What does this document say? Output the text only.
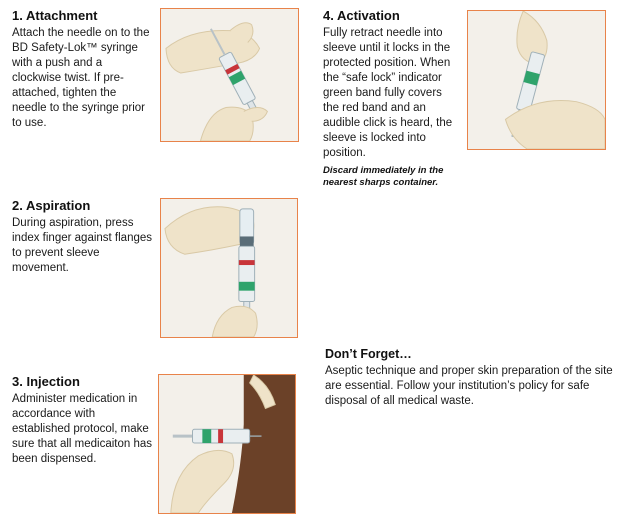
1. Attachment

Attach the needle on to the BD Safety-Lok™ syringe with a push and a clockwise twist. If pre-attached, tighten the needle to the syringe prior to use.

2. Aspiration

During aspiration, press index finger against flanges to prevent sleeve movement.

3. Injection

Administer medication in accordance with established protocol, make sure that all medicaiton has been dispensed.

4. Activation

Fully retract needle into sleeve until it locks in the protected position. When the “safe lock” indicator green band fully covers the red band and an audible click is heard, the sleeve is locked into position.

Discard immediately in the nearest sharps container.
Don’t Forget…

Aseptic technique and proper skin preparation of the site are essential. Follow your institution’s policy for safe disposal of all medical waste.
